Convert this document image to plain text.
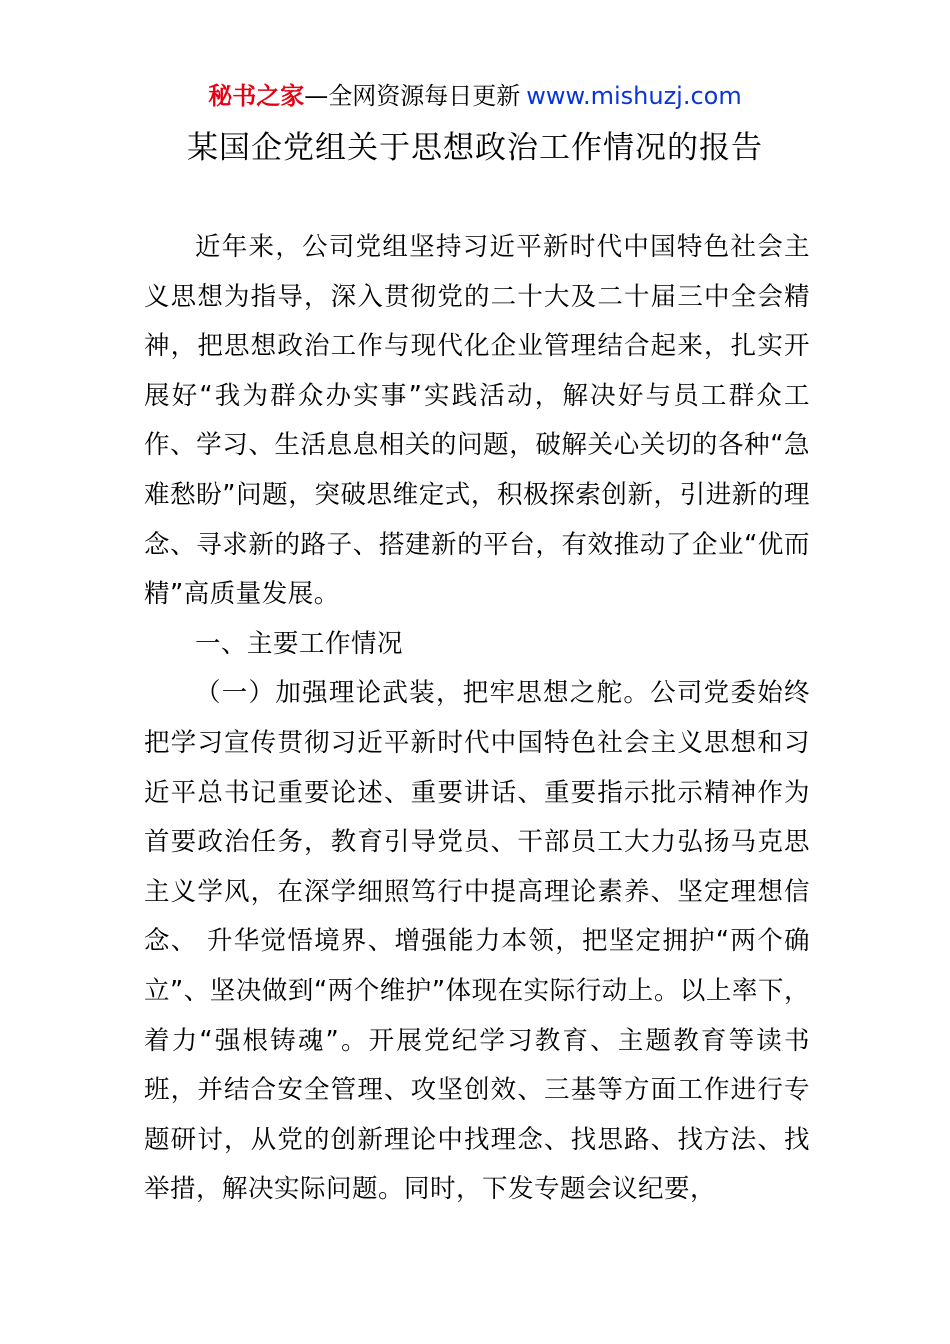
秘书之家—全网资源每日更新 www.mishuzj.com
某国企党组关于思想政治工作情况的报告

近年来，公司党组坚持习近平新时代中国特色社会主义思想为指导，深入贯彻党的二十大及二十届三中全会精神，把思想政治工作与现代化企业管理结合起来，扎实开展好“我为群众办实事”实践活动，解决好与员工群众工作、学习、生活息息相关的问题，破解关心关切的各种“急难愁盼”问题，突破思维定式，积极探索创新，引进新的理念、寻求新的路子、搭建新的平台，有效推动了企业“优而精”高质量发展。

一、主要工作情况

（一）加强理论武装，把牢思想之舵。公司党委始终把学习宣传贯彻习近平新时代中国特色社会主义思想和习近平总书记重要论述、重要讲话、重要指示批示精神作为首要政治任务，教育引导党员、干部员工大力弘扬马克思主义学风，在深学细照笃行中提高理论素养、坚定理想信念、 升华觉悟境界、增强能力本领，把坚定拥护“两个确立”、坚决做到“两个维护”体现在实际行动上。以上率下，着力“强根铸魂”。开展党纪学习教育、主题教育等读书班，并结合安全管理、攻坚创效、三基等方面工作进行专题研讨，从党的创新理论中找理念、找思路、找方法、找举措，解决实际问题。同时，下发专题会议纪要，
